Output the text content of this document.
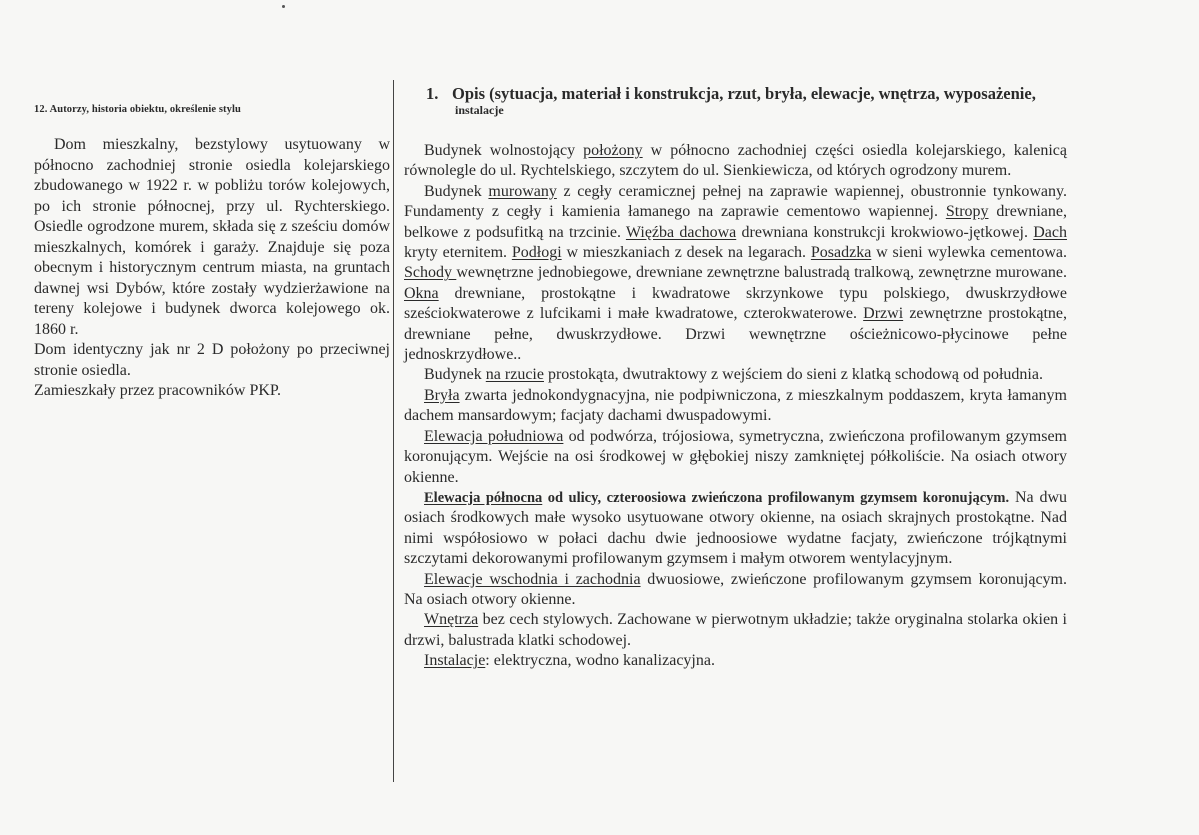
12. Autorzy, historia obiektu, określenie stylu

Dom mieszkalny, bezstylowy usytuowany w północno zachodniej stronie osiedla kolejarskiego zbudowanego w 1922 r. w pobliżu torów kolejowych, po ich stronie północnej, przy ul. Rychterskiego. Osiedle ogrodzone murem, składa się z sześciu domów mieszkalnych, komórek i garaży. Znajduje się poza obecnym i historycznym centrum miasta, na gruntach dawnej wsi Dybów, które zostały wydzierżawione na tereny kolejowe i budynek dworca kolejowego ok. 1860 r.

Dom identyczny jak nr 2 D położony po przeciwnej stronie osiedla.

Zamieszkały przez pracowników PKP.

1. Opis (sytuacja, materiał i konstrukcja, rzut, bryła, elewacje, wnętrza, wyposażenie,
instalacje

Budynek wolnostojący położony w północno zachodniej części osiedla kolejarskiego, kalenicą równolegle do ul. Rychtelskiego, szczytem do ul. Sienkiewicza, od których ogrodzony murem.

Budynek murowany z cegły ceramicznej pełnej na zaprawie wapiennej, obustronnie tynkowany. Fundamenty z cegły i kamienia łamanego na zaprawie cementowo wapiennej. Stropy drewniane, belkowe z podsufitką na trzcinie. Więźba dachowa drewniana konstrukcji krokwiowo-jętkowej. Dach kryty eternitem. Podłogi w mieszkaniach z desek na legarach. Posadzka w sieni wylewka cementowa. Schody wewnętrzne jednobiegowe, drewniane zewnętrzne balustradą tralkową, zewnętrzne murowane. Okna drewniane, prostokątne i kwadratowe skrzynkowe typu polskiego, dwuskrzydłowe sześciokwaterowe z lufcikami i małe kwadratowe, czterokwaterowe. Drzwi zewnętrzne prostokątne, drewniane pełne, dwuskrzydłowe. Drzwi wewnętrzne ościeżnicowo-płycinowe pełne jednoskrzydłowe..

Budynek na rzucie prostokąta, dwutraktowy z wejściem do sieni z klatką schodową od południa.

Bryła zwarta jednokondygnacyjna, nie podpiwniczona, z mieszkalnym poddaszem, kryta łamanym dachem mansardowym; facjaty dachami dwuspadowymi.

Elewacja południowa od podwórza, trójosiowa, symetryczna, zwieńczona profilowanym gzymsem koronującym. Wejście na osi środkowej w głębokiej niszy zamkniętej półkoliście. Na osiach otwory okienne.

Elewacja północna od ulicy, czteroosiowa zwieńczona profilowanym gzymsem koronującym. Na dwu osiach środkowych małe wysoko usytuowane otwory okienne, na osiach skrajnych prostokątne. Nad nimi współosiowo w połaci dachu dwie jednoosiowe wydatne facjaty, zwieńczone trójkątnymi szczytami dekorowanymi profilowanym gzymsem i małym otworem wentylacyjnym.

Elewacje wschodnia i zachodnia dwuosiowe, zwieńczone profilowanym gzymsem koronującym. Na osiach otwory okienne.

Wnętrza bez cech stylowych. Zachowane w pierwotnym układzie; także oryginalna stolarka okien i drzwi, balustrada klatki schodowej.

Instalacje: elektryczna, wodno kanalizacyjna.
